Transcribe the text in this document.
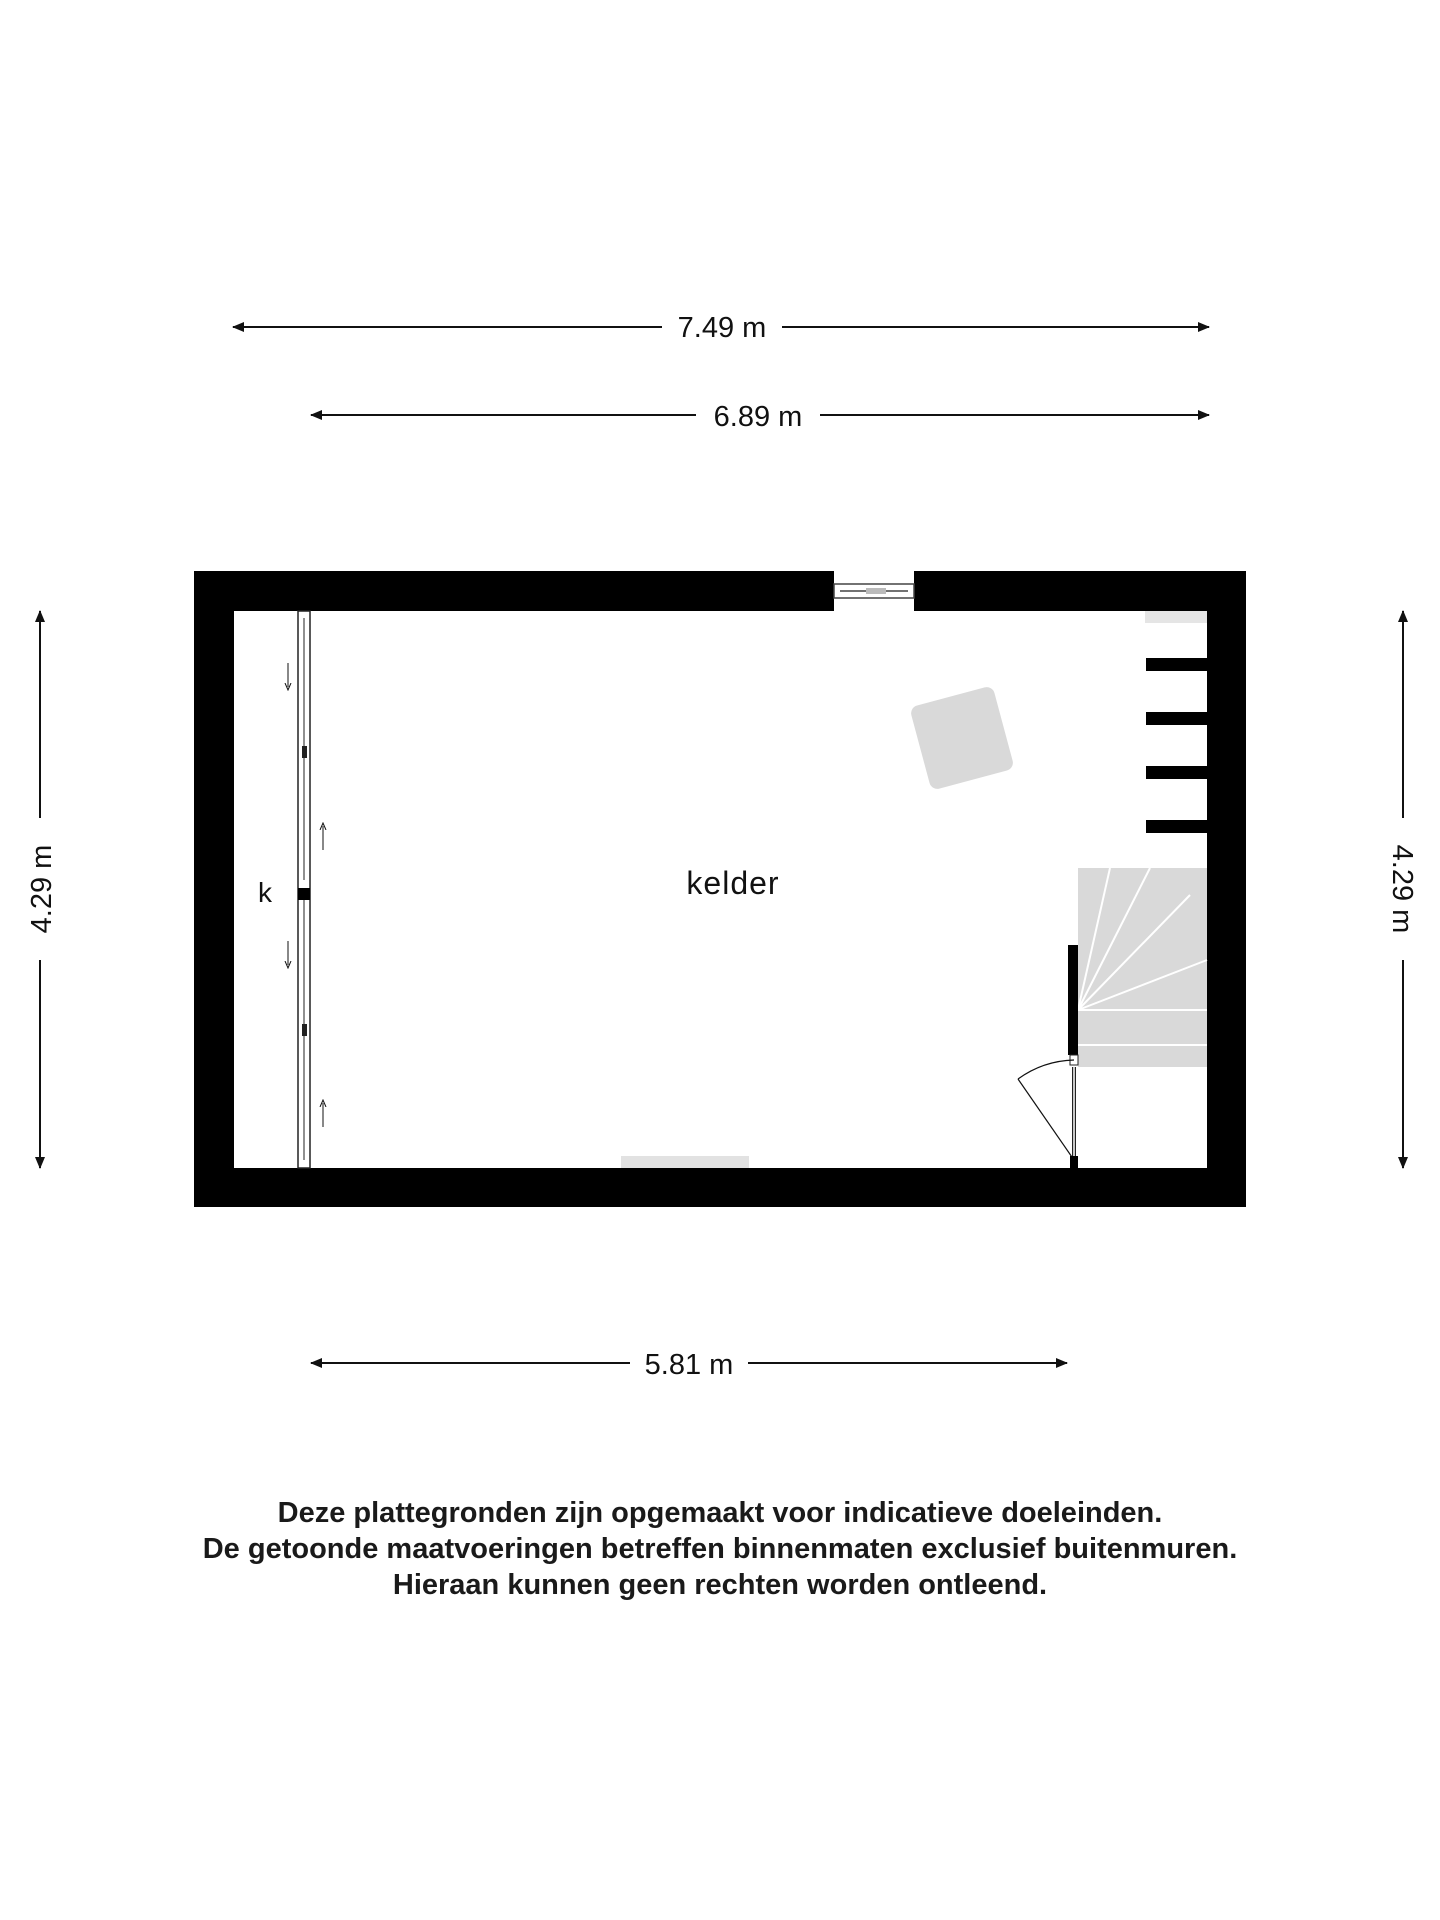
7.49 m
6.89 m
5.81 m
4.29 m	4.29 m
kelder
k
Deze plattegronden zijn opgemaakt voor indicatieve doeleinden.
De getoonde maatvoeringen betreffen binnenmaten exclusief buitenmuren.
Hieraan kunnen geen rechten worden ontleend.
